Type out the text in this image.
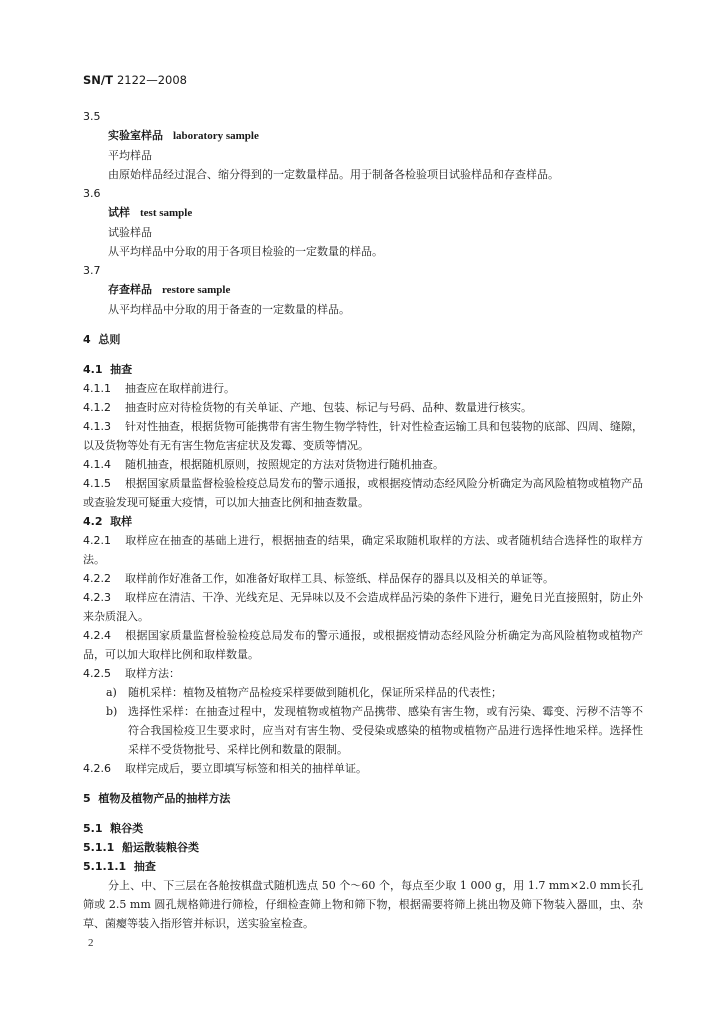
SN/T 2122—2008
3.5
实验室样品 laboratory sample
平均样品
由原始样品经过混合、缩分得到的一定数量样品。用于制备各检验项目试验样品和存查样品。
3.6
试样 test sample
试验样品
从平均样品中分取的用于各项目检验的一定数量的样品。
3.7
存查样品 restore sample
从平均样品中分取的用于备查的一定数量的样品。
4 总则
4.1 抽查
4.1.1 抽查应在取样前进行。
4.1.2 抽查时应对待检货物的有关单证、产地、包装、标记与号码、品种、数量进行核实。
4.1.3 针对性抽查，根据货物可能携带有害生物生物学特性，针对性检查运输工具和包装物的底部、四周、缝隙，以及货物等处有无有害生物危害症状及发霉、变质等情况。
4.1.4 随机抽查，根据随机原则，按照规定的方法对货物进行随机抽查。
4.1.5 根据国家质量监督检验检疫总局发布的警示通报，或根据疫情动态经风险分析确定为高风险植物或植物产品或查验发现可疑重大疫情，可以加大抽查比例和抽查数量。
4.2 取样
4.2.1 取样应在抽查的基础上进行，根据抽查的结果，确定采取随机取样的方法、或者随机结合选择性的取样方法。
4.2.2 取样前作好准备工作，如准备好取样工具、标签纸、样品保存的器具以及相关的单证等。
4.2.3 取样应在清洁、干净、光线充足、无异味以及不会造成样品污染的条件下进行，避免日光直接照射，防止外来杂质混入。
4.2.4 根据国家质量监督检验检疫总局发布的警示通报，或根据疫情动态经风险分析确定为高风险植物或植物产品，可以加大取样比例和取样数量。
4.2.5 取样方法：
a)	随机采样：植物及植物产品检疫采样要做到随机化，保证所采样品的代表性；
b) 选择性采样：在抽查过程中，发现植物或植物产品携带、感染有害生物，或有污染、霉变、污秽不洁等不符合我国检疫卫生要求时，应当对有害生物、受侵染或感染的植物或植物产品进行选择性地采样。选择性采样不受货物批号、采样比例和数量的限制。
4.2.6 取样完成后，要立即填写标签和相关的抽样单证。
5 植物及植物产品的抽样方法
5.1 粮谷类
5.1.1 船运散装粮谷类
5.1.1.1 抽查
分上、中、下三层在各舱按棋盘式随机选点 50 个～60 个，每点至少取 1 000 g，用 1.7 mm×2.0 mm长孔筛或 2.5 mm 圆孔规格筛进行筛检，仔细检查筛上物和筛下物，根据需要将筛上挑出物及筛下物装入器皿，虫、杂草、菌瘿等装入指形管并标识，送实验室检查。
2
